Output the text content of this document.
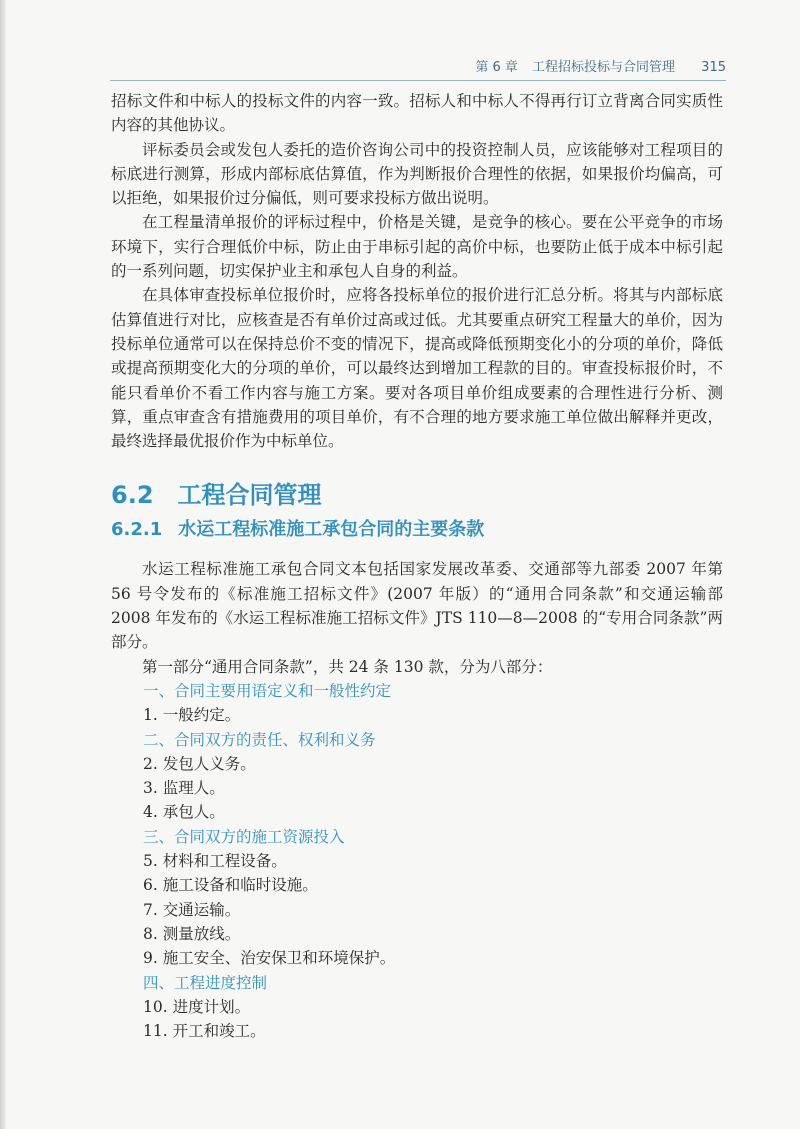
第 6 章 工程招标投标与合同管理 315

招标文件和中标人的投标文件的内容一致。招标人和中标人不得再行订立背离合同实质性内容的其他协议。

评标委员会或发包人委托的造价咨询公司中的投资控制人员，应该能够对工程项目的标底进行测算，形成内部标底估算值，作为判断报价合理性的依据，如果报价均偏高，可以拒绝，如果报价过分偏低，则可要求投标方做出说明。

在工程量清单报价的评标过程中，价格是关键，是竞争的核心。要在公平竞争的市场环境下，实行合理低价中标，防止由于串标引起的高价中标，也要防止低于成本中标引起的一系列问题，切实保护业主和承包人自身的利益。

在具体审查投标单位报价时，应将各投标单位的报价进行汇总分析。将其与内部标底估算值进行对比，应核查是否有单价过高或过低。尤其要重点研究工程量大的单价，因为投标单位通常可以在保持总价不变的情况下，提高或降低预期变化小的分项的单价，降低或提高预期变化大的分项的单价，可以最终达到增加工程款的目的。审查投标报价时，不能只看单价不看工作内容与施工方案。要对各项目单价组成要素的合理性进行分析、测算，重点审查含有措施费用的项目单价，有不合理的地方要求施工单位做出解释并更改，最终选择最优报价作为中标单位。

6.2 工程合同管理
6.2.1 水运工程标准施工承包合同的主要条款

水运工程标准施工承包合同文本包括国家发展改革委、交通部等九部委 2007 年第 56 号令发布的《标准施工招标文件》(2007 年版）的“通用合同条款”和交通运输部 2008 年发布的《水运工程标准施工招标文件》JTS 110—8—2008 的“专用合同条款”两部分。

第一部分“通用合同条款”，共 24 条 130 款，分为八部分：

一、合同主要用语定义和一般性约定
1. 一般约定。
二、合同双方的责任、权利和义务
2. 发包人义务。
3. 监理人。
4. 承包人。
三、合同双方的施工资源投入
5. 材料和工程设备。
6. 施工设备和临时设施。
7. 交通运输。
8. 测量放线。
9. 施工安全、治安保卫和环境保护。
四、工程进度控制
10. 进度计划。
11. 开工和竣工。
